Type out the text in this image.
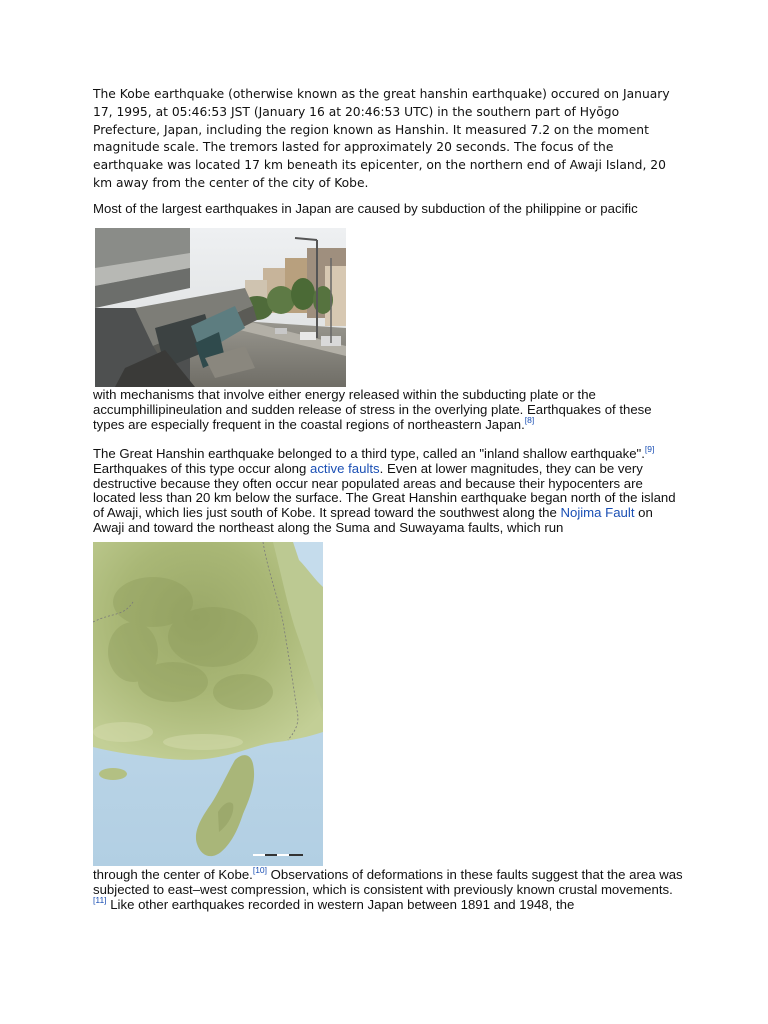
The Kobe earthquake (otherwise known as the great hanshin earthquake) occured on January 17, 1995, at 05:46:53 JST (January 16 at 20:46:53 UTC) in the southern part of Hyōgo Prefecture, Japan, including the region known as Hanshin. It measured 7.2 on the moment magnitude scale. The tremors lasted for approximately 20 seconds. The focus of the earthquake was located 17 km beneath its epicenter, on the northern end of Awaji Island, 20 km away from the center of the city of Kobe.

Most of the largest earthquakes in Japan are caused by subduction of the philippine or pacific

with mechanisms that involve either energy released within the subducting plate or the accumphillipineulation and sudden release of stress in the overlying plate. Earthquakes of these types are especially frequent in the coastal regions of northeastern Japan.[8]

The Great Hanshin earthquake belonged to a third type, called an "inland shallow earthquake".[9] Earthquakes of this type occur along active faults. Even at lower magnitudes, they can be very destructive because they often occur near populated areas and because their hypocenters are located less than 20 km below the surface. The Great Hanshin earthquake began north of the island of Awaji, which lies just south of Kobe. It spread toward the southwest along the Nojima Fault on Awaji and toward the northeast along the Suma and Suwayama faults, which run

through the center of Kobe.[10] Observations of deformations in these faults suggest that the area was subjected to east–west compression, which is consistent with previously known crustal movements.[11] Like other earthquakes recorded in western Japan between 1891 and 1948, the
